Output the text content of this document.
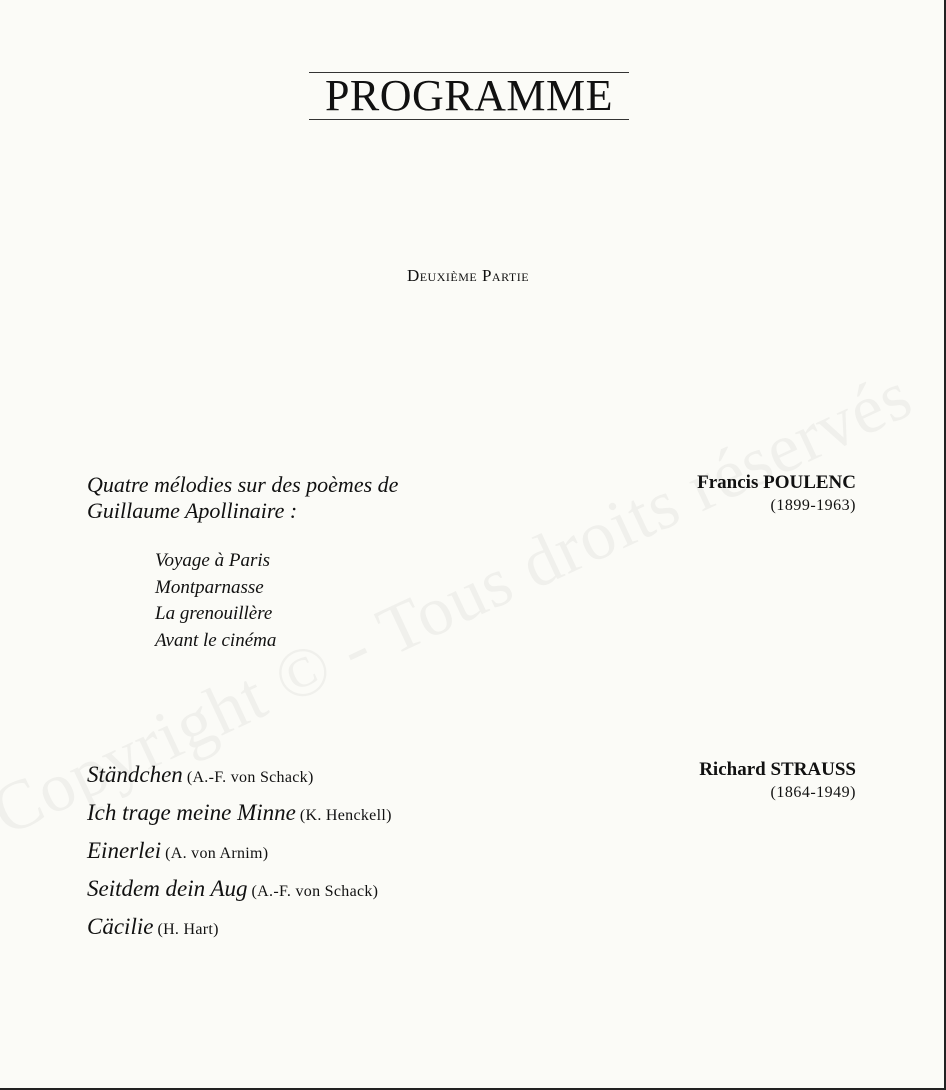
PROGRAMME
Deuxième Partie

Quatre mélodies sur des poèmes de
Guillaume Apollinaire :

Voyage à Paris
Montparnasse
La grenouillère
Avant le cinéma
Francis POULENC
(1899-1963)
Ständchen (A.-F. von Schack)
Ich trage meine Minne (K. Henckell)
Einerlei (A. von Arnim)
Seitdem dein Aug (A.-F. von Schack)
Cäcilie (H. Hart)
Richard STRAUSS
(1864-1949)
